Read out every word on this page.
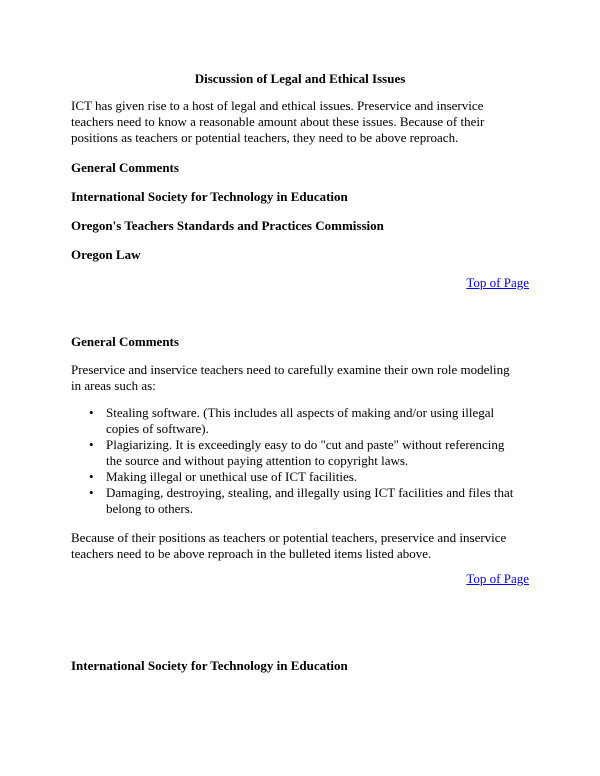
Discussion of Legal and Ethical Issues
ICT has given rise to a host of legal and ethical issues. Preservice and inservice
teachers need to know a reasonable amount about these issues. Because of their
positions as teachers or potential teachers, they need to be above reproach.
General Comments
International Society for Technology in Education
Oregon's Teachers Standards and Practices Commission
Oregon Law
Top of Page
General Comments
Preservice and inservice teachers need to carefully examine their own role modeling
in areas such as:
• Stealing software. (This includes all aspects of making and/or using illegal
copies of software).
• Plagiarizing. It is exceedingly easy to do "cut and paste" without referencing
the source and without paying attention to copyright laws.
• Making illegal or unethical use of ICT facilities.
• Damaging, destroying, stealing, and illegally using ICT facilities and files that
belong to others.
Because of their positions as teachers or potential teachers, preservice and inservice
teachers need to be above reproach in the bulleted items listed above.
Top of Page
International Society for Technology in Education
